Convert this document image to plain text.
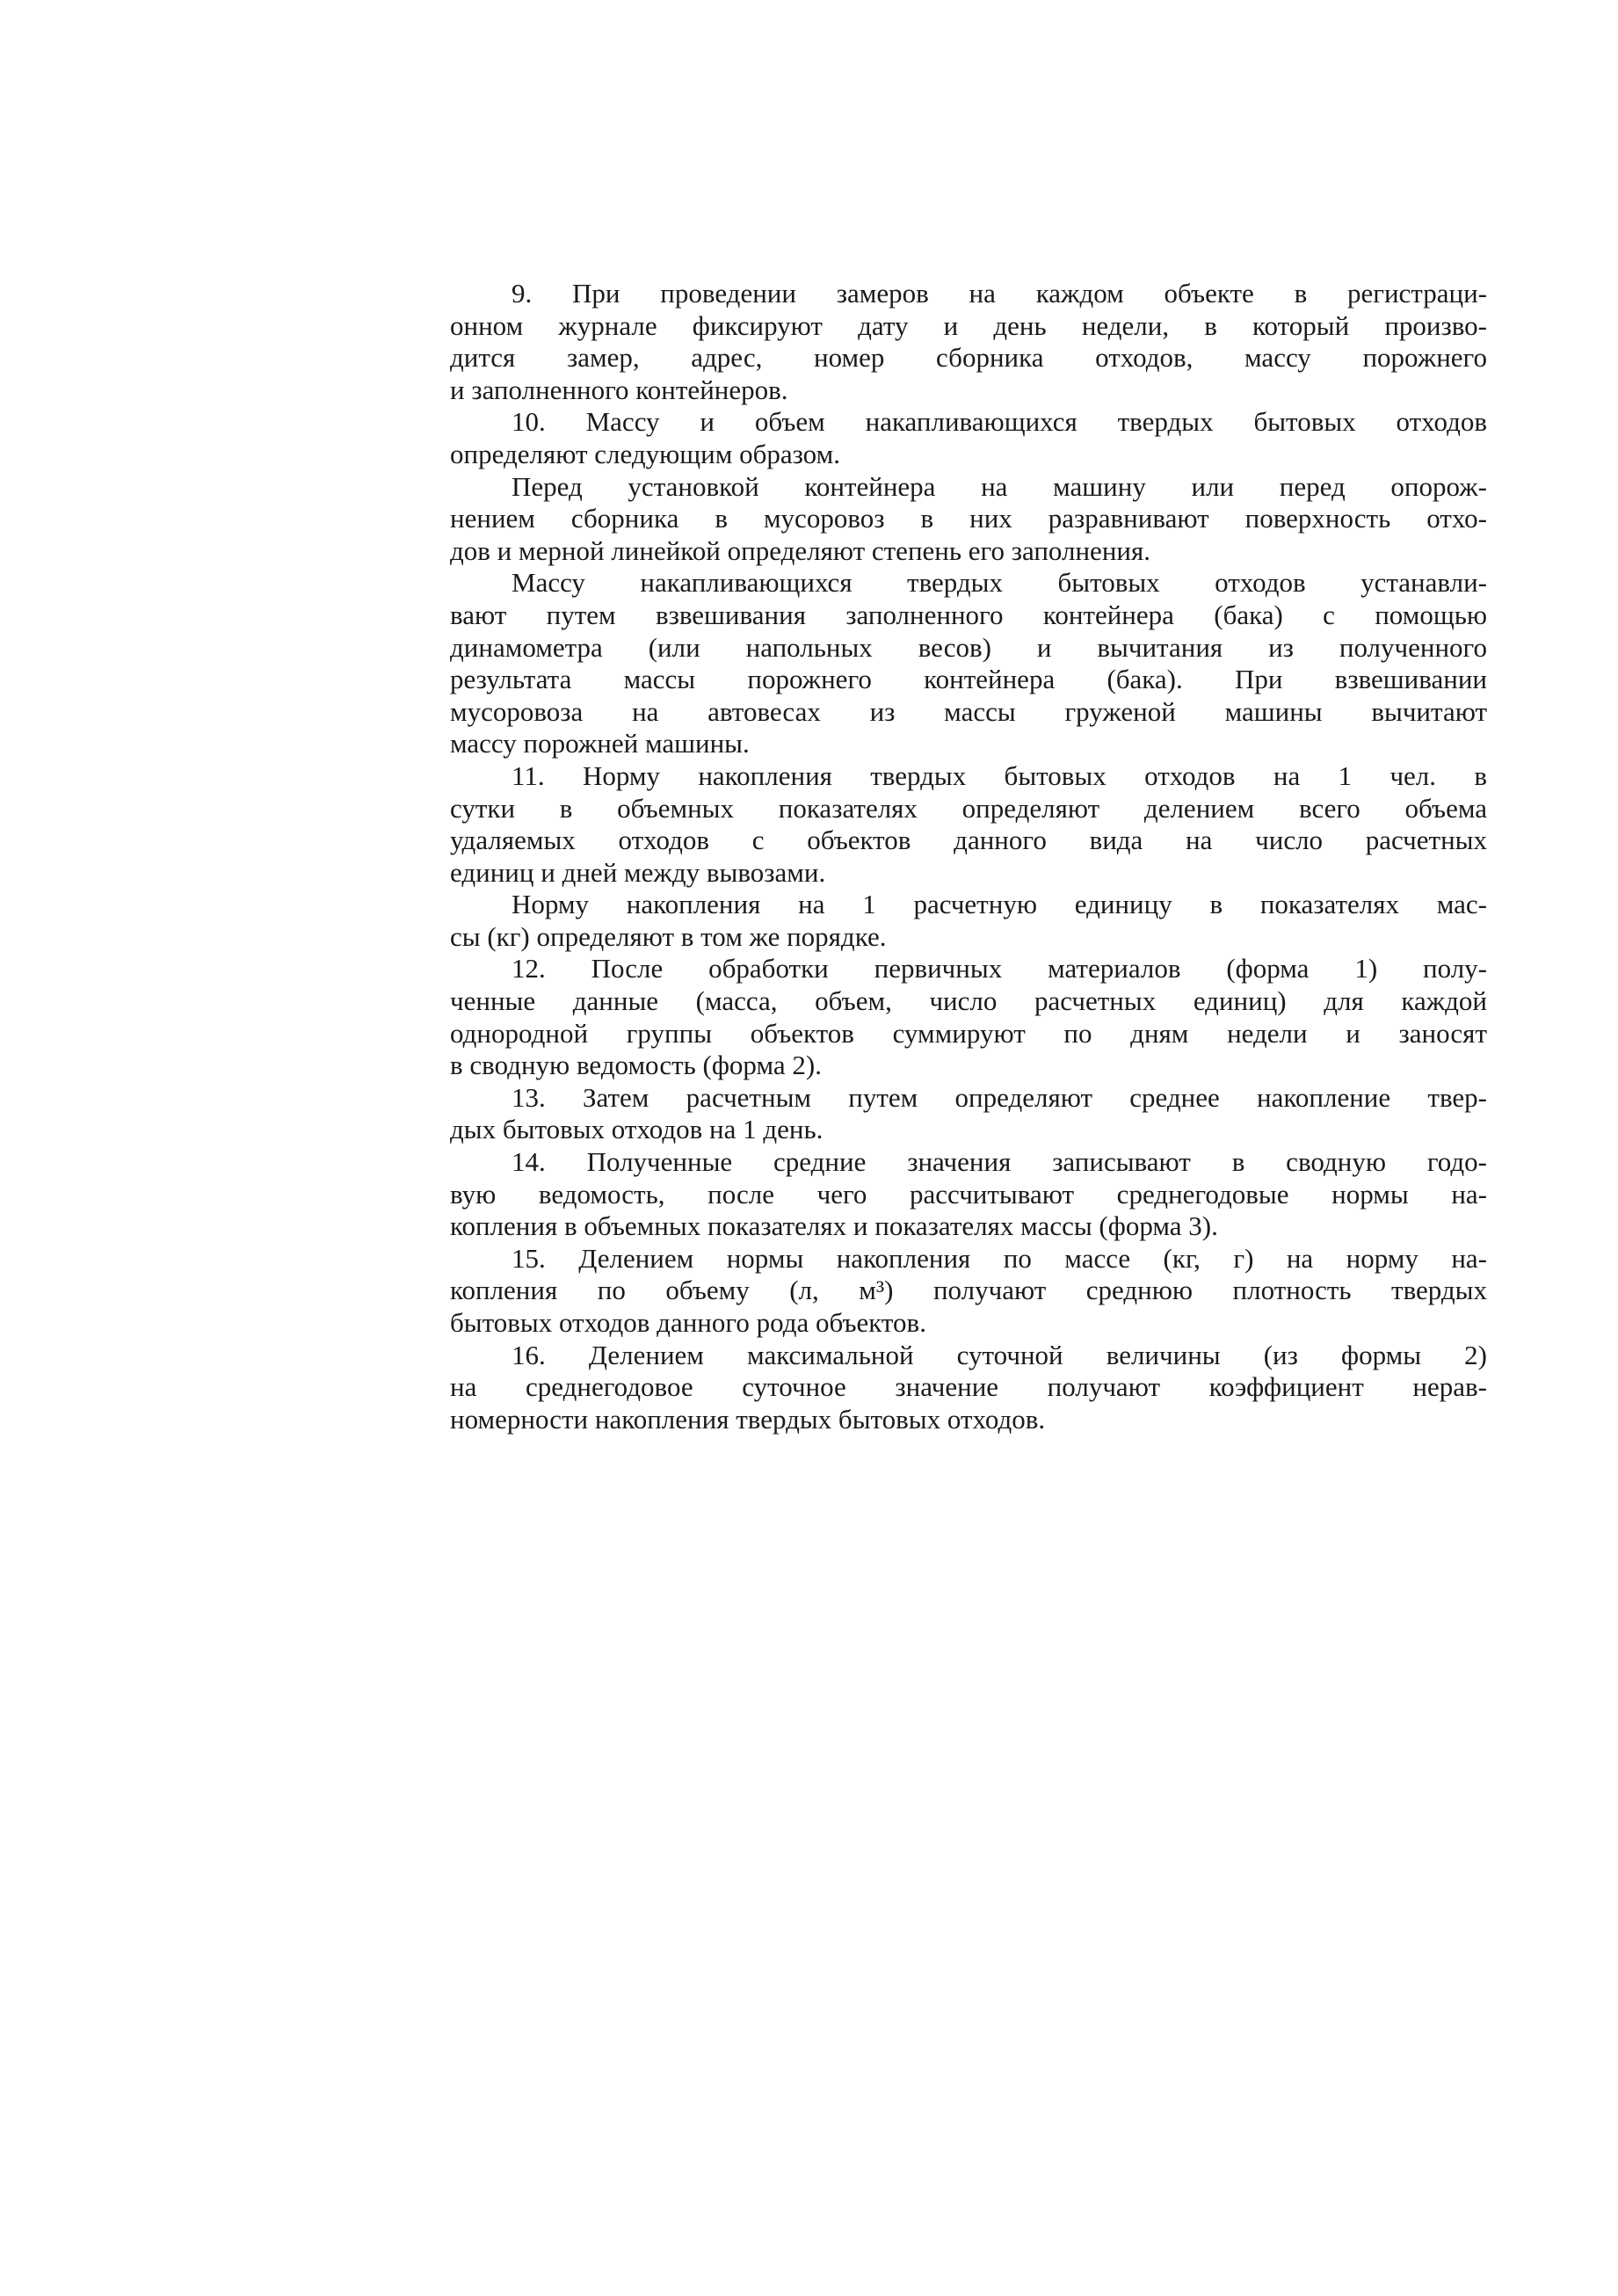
9. При проведении замеров на каждом объекте в регистраци-
онном журнале фиксируют дату и день недели, в который произво-
дится замер, адрес, номер сборника отходов, массу порожнего
и заполненного контейнеров.
10. Массу и объем накапливающихся твердых бытовых отходов
определяют следующим образом.
Перед установкой контейнера на машину или перед опорож-
нением сборника в мусоровоз в них разравнивают поверхность отхо-
дов и мерной линейкой определяют степень его заполнения.
Массу накапливающихся твердых бытовых отходов устанавли-
вают путем взвешивания заполненного контейнера (бака) с помощью
динамометра (или напольных весов) и вычитания из полученного
результата массы порожнего контейнера (бака). При взвешивании
мусоровоза на автовесах из массы груженой машины вычитают
массу порожней машины.
11. Норму накопления твердых бытовых отходов на 1 чел. в
сутки в объемных показателях определяют делением всего объема
удаляемых отходов с объектов данного вида на число расчетных
единиц и дней между вывозами.
Норму накопления на 1 расчетную единицу в показателях мас-
сы (кг) определяют в том же порядке.
12. После обработки первичных материалов (форма 1) полу-
ченные данные (масса, объем, число расчетных единиц) для каждой
однородной группы объектов суммируют по дням недели и заносят
в сводную ведомость (форма 2).
13. Затем расчетным путем определяют среднее накопление твер-
дых бытовых отходов на 1 день.
14. Полученные средние значения записывают в сводную годо-
вую ведомость, после чего рассчитывают среднегодовые нормы на-
копления в объемных показателях и показателях массы (форма 3).
15. Делением нормы накопления по массе (кг, г) на норму на-
копления по объему (л, м³) получают среднюю плотность твердых
бытовых отходов данного рода объектов.
16. Делением максимальной суточной величины (из формы 2)
на среднегодовое суточное значение получают коэффициент нерав-
номерности накопления твердых бытовых отходов.
